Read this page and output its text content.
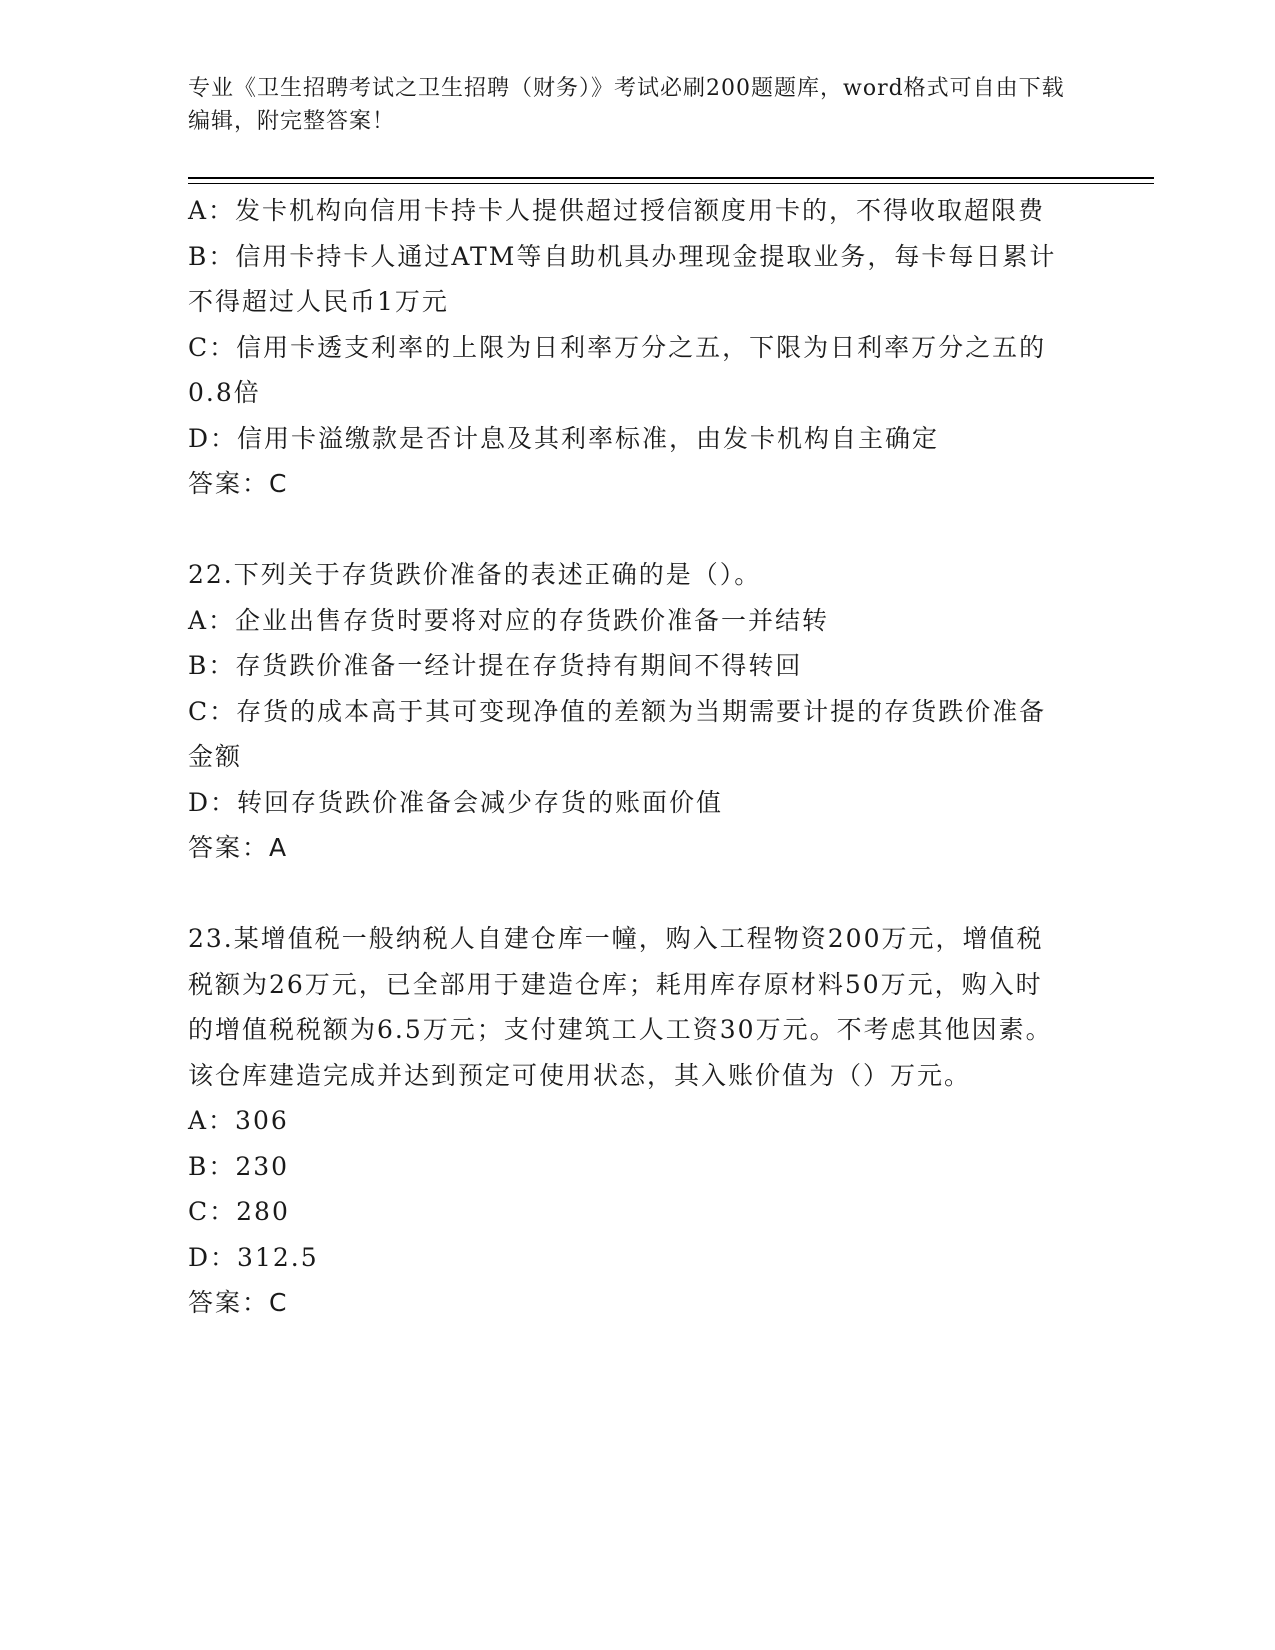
专业《卫生招聘考试之卫生招聘（财务）》考试必刷200题题库，word格式可自由下载编辑，附完整答案！
A：发卡机构向信用卡持卡人提供超过授信额度用卡的，不得收取超限费
B：信用卡持卡人通过ATM等自助机具办理现金提取业务，每卡每日累计不得超过人民币1万元
C：信用卡透支利率的上限为日利率万分之五，下限为日利率万分之五的0.8倍
D：信用卡溢缴款是否计息及其利率标准，由发卡机构自主确定
答案：C
22.下列关于存货跌价准备的表述正确的是（）。
A：企业出售存货时要将对应的存货跌价准备一并结转
B：存货跌价准备一经计提在存货持有期间不得转回
C：存货的成本高于其可变现净值的差额为当期需要计提的存货跌价准备金额
D：转回存货跌价准备会减少存货的账面价值
答案：A
23.某增值税一般纳税人自建仓库一幢，购入工程物资200万元，增值税税额为26万元，已全部用于建造仓库；耗用库存原材料50万元，购入时的增值税税额为6.5万元；支付建筑工人工资30万元。不考虑其他因素。该仓库建造完成并达到预定可使用状态，其入账价值为（）万元。
A：306
B：230
C：280
D：312.5
答案：C
